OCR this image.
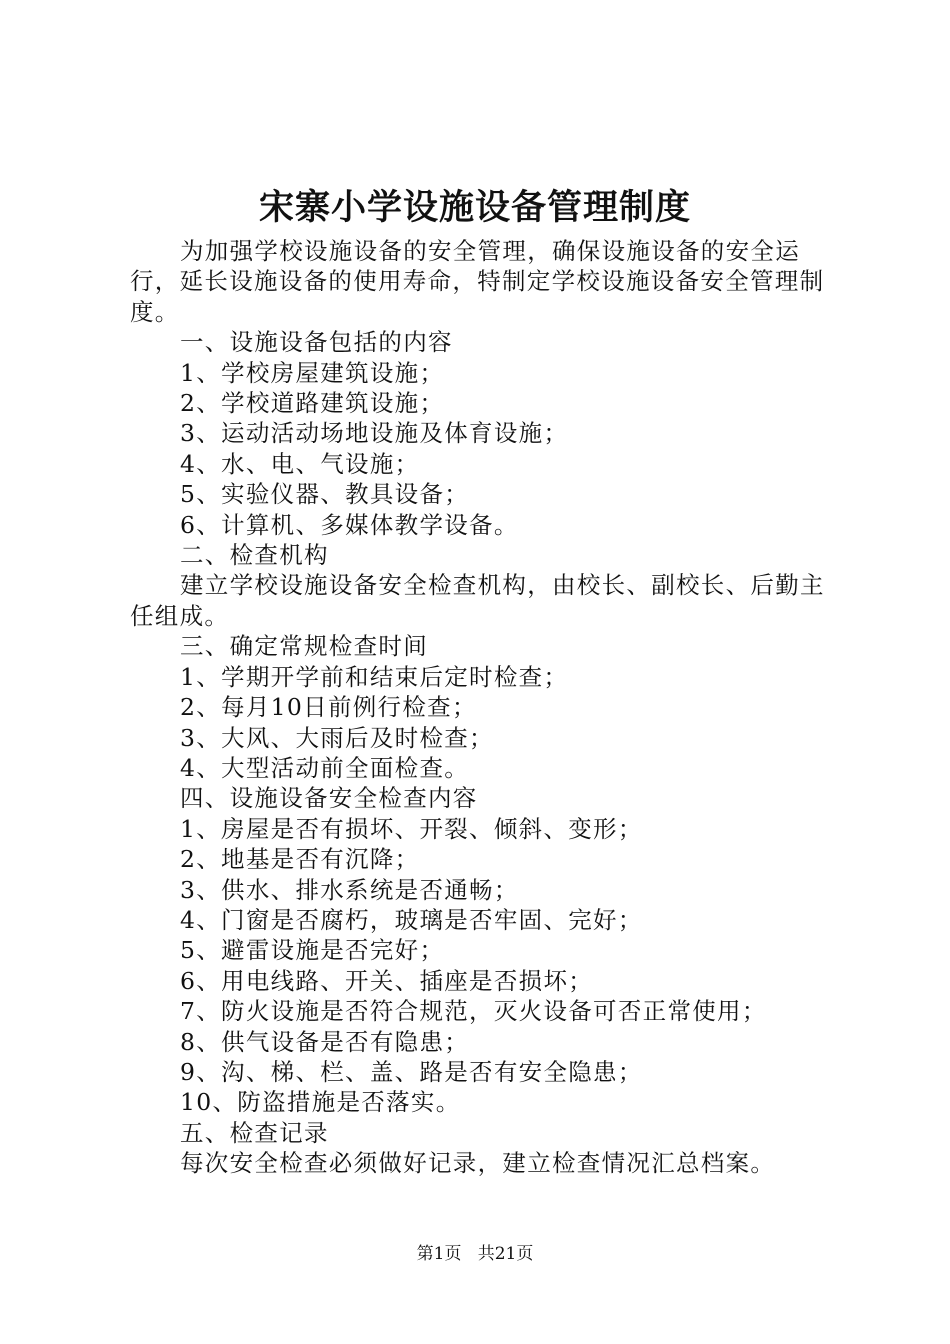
宋寨小学设施设备管理制度

为加强学校设施设备的安全管理，确保设施设备的安全运行，延长设施设备的使用寿命，特制定学校设施设备安全管理制度。

一、设施设备包括的内容

1、学校房屋建筑设施；

2、学校道路建筑设施；

3、运动活动场地设施及体育设施；

4、水、电、气设施；

5、实验仪器、教具设备；

6、计算机、多媒体教学设备。

二、检查机构

建立学校设施设备安全检查机构，由校长、副校长、后勤主任组成。

三、确定常规检查时间

1、学期开学前和结束后定时检查；

2、每月10日前例行检查；

3、大风、大雨后及时检查；

4、大型活动前全面检查。

四、设施设备安全检查内容

1、房屋是否有损坏、开裂、倾斜、变形；

2、地基是否有沉降；

3、供水、排水系统是否通畅；

4、门窗是否腐朽，玻璃是否牢固、完好；

5、避雷设施是否完好；

6、用电线路、开关、插座是否损坏；

7、防火设施是否符合规范，灭火设备可否正常使用；

8、供气设备是否有隐患；

9、沟、梯、栏、盖、路是否有安全隐患；

10、防盗措施是否落实。

五、检查记录

每次安全检查必须做好记录，建立检查情况汇总档案。

第1页 共21页
